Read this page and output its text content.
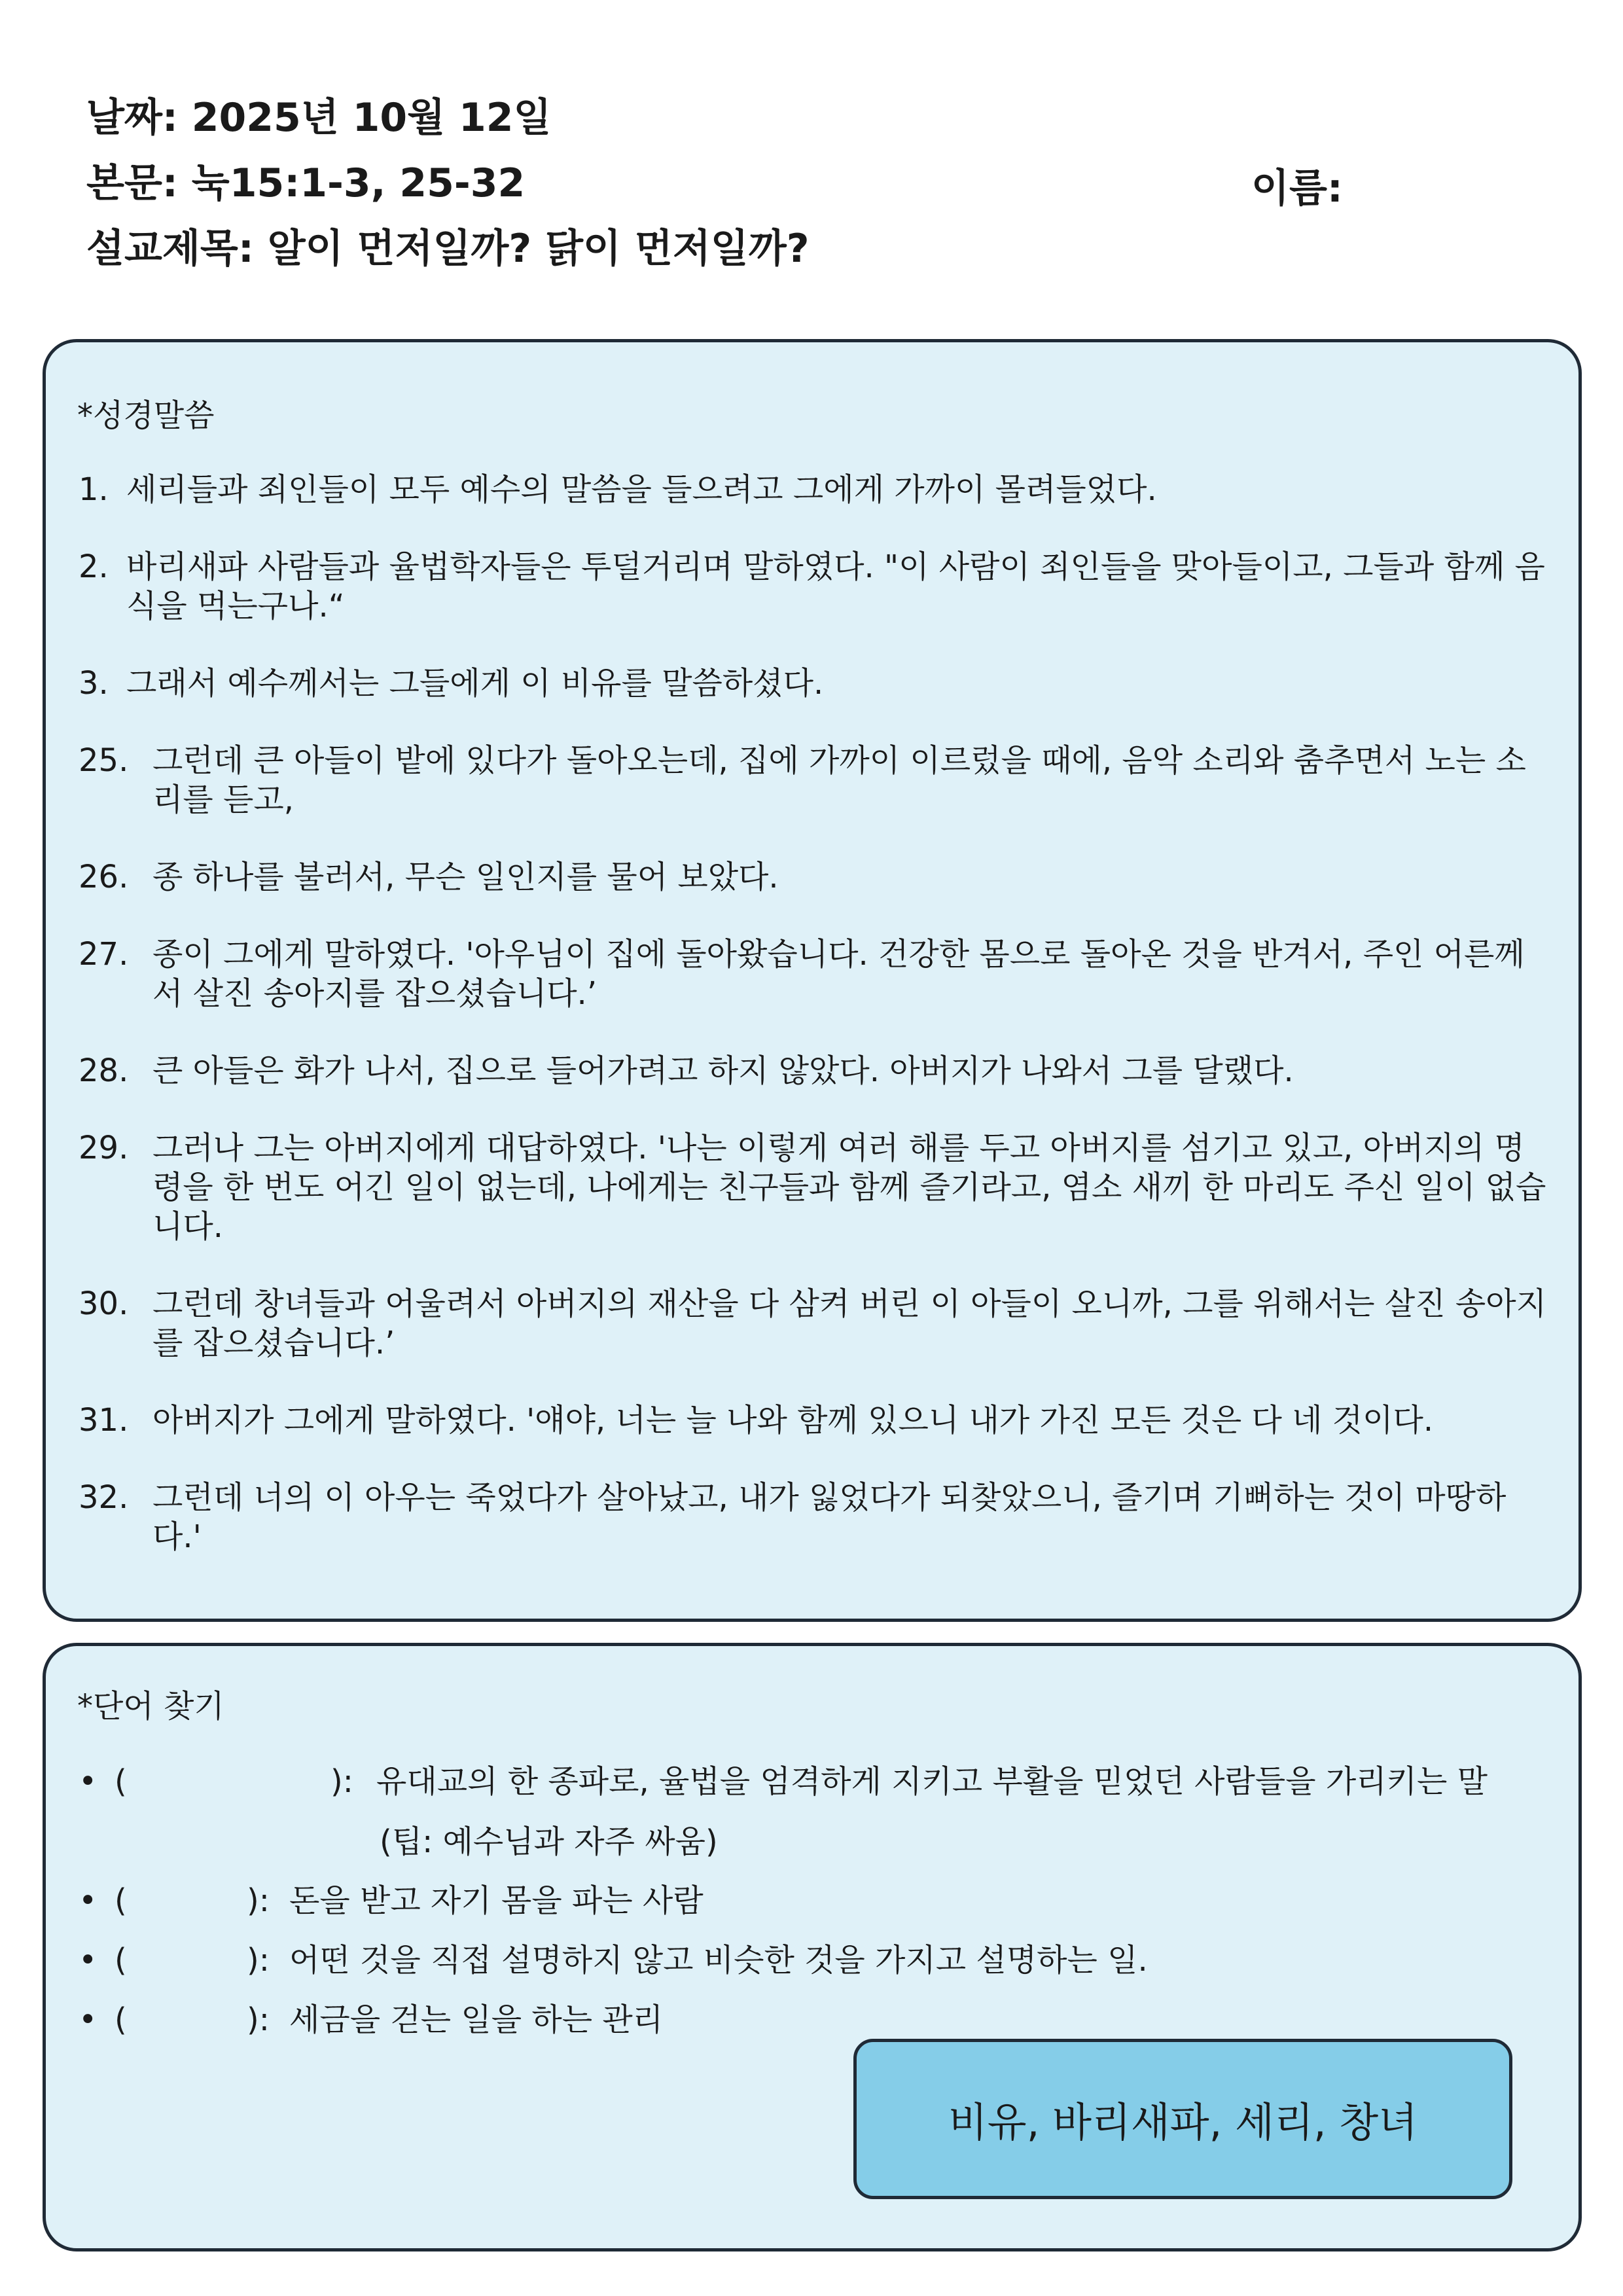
날짜: 2025년 10월 12일
본문: 눅15:1-3, 25-32
설교제목: 알이 먼저일까? 닭이 먼저일까?
이름:
*성경말씀
1. 세리들과 죄인들이 모두 예수의 말씀을 들으려고 그에게 가까이 몰려들었다.
2. 바리새파 사람들과 율법학자들은 투덜거리며 말하였다. "이 사람이 죄인들을 맞아들이고, 그들과 함께 음식을 먹는구나.“
3. 그래서 예수께서는 그들에게 이 비유를 말씀하셨다.
25. 그런데 큰 아들이 밭에 있다가 돌아오는데, 집에 가까이 이르렀을 때에, 음악 소리와 춤추면서 노는 소리를 듣고,
26. 종 하나를 불러서, 무슨 일인지를 물어 보았다.
27. 종이 그에게 말하였다. '아우님이 집에 돌아왔습니다. 건강한 몸으로 돌아온 것을 반겨서, 주인 어른께서 살진 송아지를 잡으셨습니다.’
28. 큰 아들은 화가 나서, 집으로 들어가려고 하지 않았다. 아버지가 나와서 그를 달랬다.
29. 그러나 그는 아버지에게 대답하였다. '나는 이렇게 여러 해를 두고 아버지를 섬기고 있고, 아버지의 명령을 한 번도 어긴 일이 없는데, 나에게는 친구들과 함께 즐기라고, 염소 새끼 한 마리도 주신 일이 없습니다.
30. 그런데 창녀들과 어울려서 아버지의 재산을 다 삼켜 버린 이 아들이 오니까, 그를 위해서는 살진 송아지를 잡으셨습니다.’
31. 아버지가 그에게 말하였다. '얘야, 너는 늘 나와 함께 있으니 내가 가진 모든 것은 다 네 것이다.
32. 그런데 너의 이 아우는 죽었다가 살아났고, 내가 잃었다가 되찾았으니, 즐기며 기뻐하는 것이 마땅하다.'
*단어 찾기
• (	): 유대교의 한 종파로, 율법을 엄격하게 지키고 부활을 믿었던 사람들을 가리키는 말
(팁: 예수님과 자주 싸움)
• (	): 돈을 받고 자기 몸을 파는 사람
• (	): 어떤 것을 직접 설명하지 않고 비슷한 것을 가지고 설명하는 일.
• (	): 세금을 걷는 일을 하는 관리
비유, 바리새파, 세리, 창녀
